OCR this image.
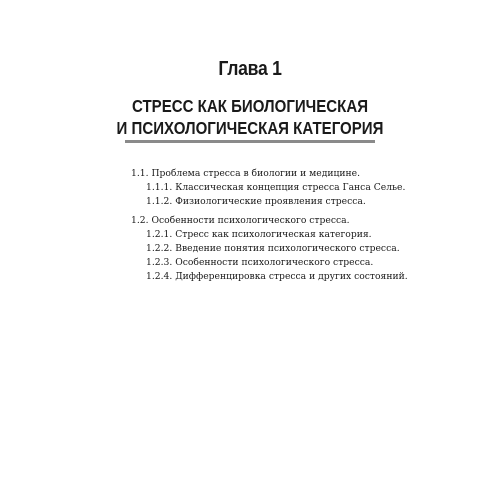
Глава 1
СТРЕСС КАК БИОЛОГИЧЕСКАЯ
И ПСИХОЛОГИЧЕСКАЯ КАТЕГОРИЯ
1.1. Проблема стресса в биологии и медицине.
1.1.1. Классическая концепция стресса Ганса Селье.
1.1.2. Физиологические проявления стресса.
1.2. Особенности психологического стресса.
1.2.1. Стресс как психологическая категория.
1.2.2. Введение понятия психологического стресса.
1.2.3. Особенности психологического стресса.
1.2.4. Дифференцировка стресса и других состояний.
